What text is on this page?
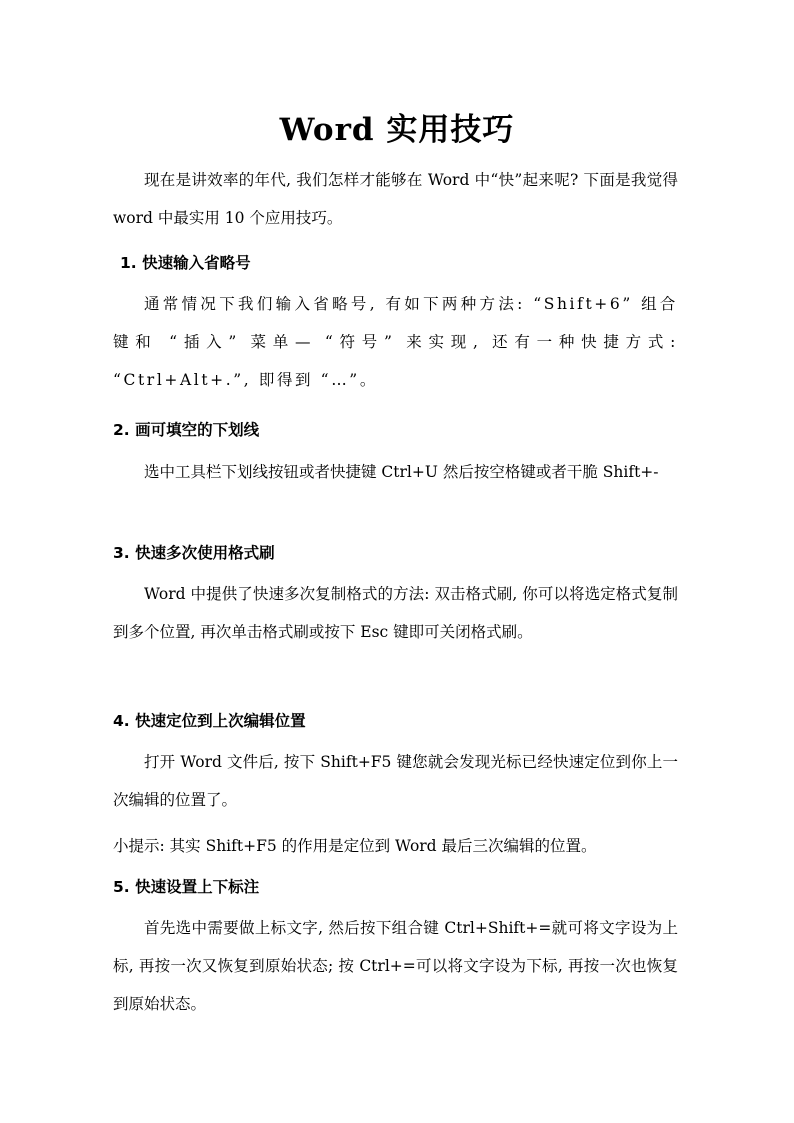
Word 实用技巧

现在是讲效率的年代, 我们怎样才能够在 Word 中“快”起来呢? 下面是我觉得 word 中最实用 10 个应用技巧。

1. 快速输入省略号

通常情况下我们输入省略号, 有如下两种方法: “Shift+6” 组合键和 “插入” 菜单— “符号” 来实现, 还有一种快捷方式: “Ctrl+Alt+.”, 即得到 “…”。

2. 画可填空的下划线

选中工具栏下划线按钮或者快捷键 Ctrl+U 然后按空格键或者干脆 Shift+-

3. 快速多次使用格式刷

Word 中提供了快速多次复制格式的方法: 双击格式刷, 你可以将选定格式复制到多个位置, 再次单击格式刷或按下 Esc 键即可关闭格式刷。

4. 快速定位到上次编辑位置

打开 Word 文件后, 按下 Shift+F5 键您就会发现光标已经快速定位到你上一次编辑的位置了。

小提示: 其实 Shift+F5 的作用是定位到 Word 最后三次编辑的位置。

5. 快速设置上下标注

首先选中需要做上标文字, 然后按下组合键 Ctrl+Shift+=就可将文字设为上标, 再按一次又恢复到原始状态; 按 Ctrl+=可以将文字设为下标, 再按一次也恢复到原始状态。
